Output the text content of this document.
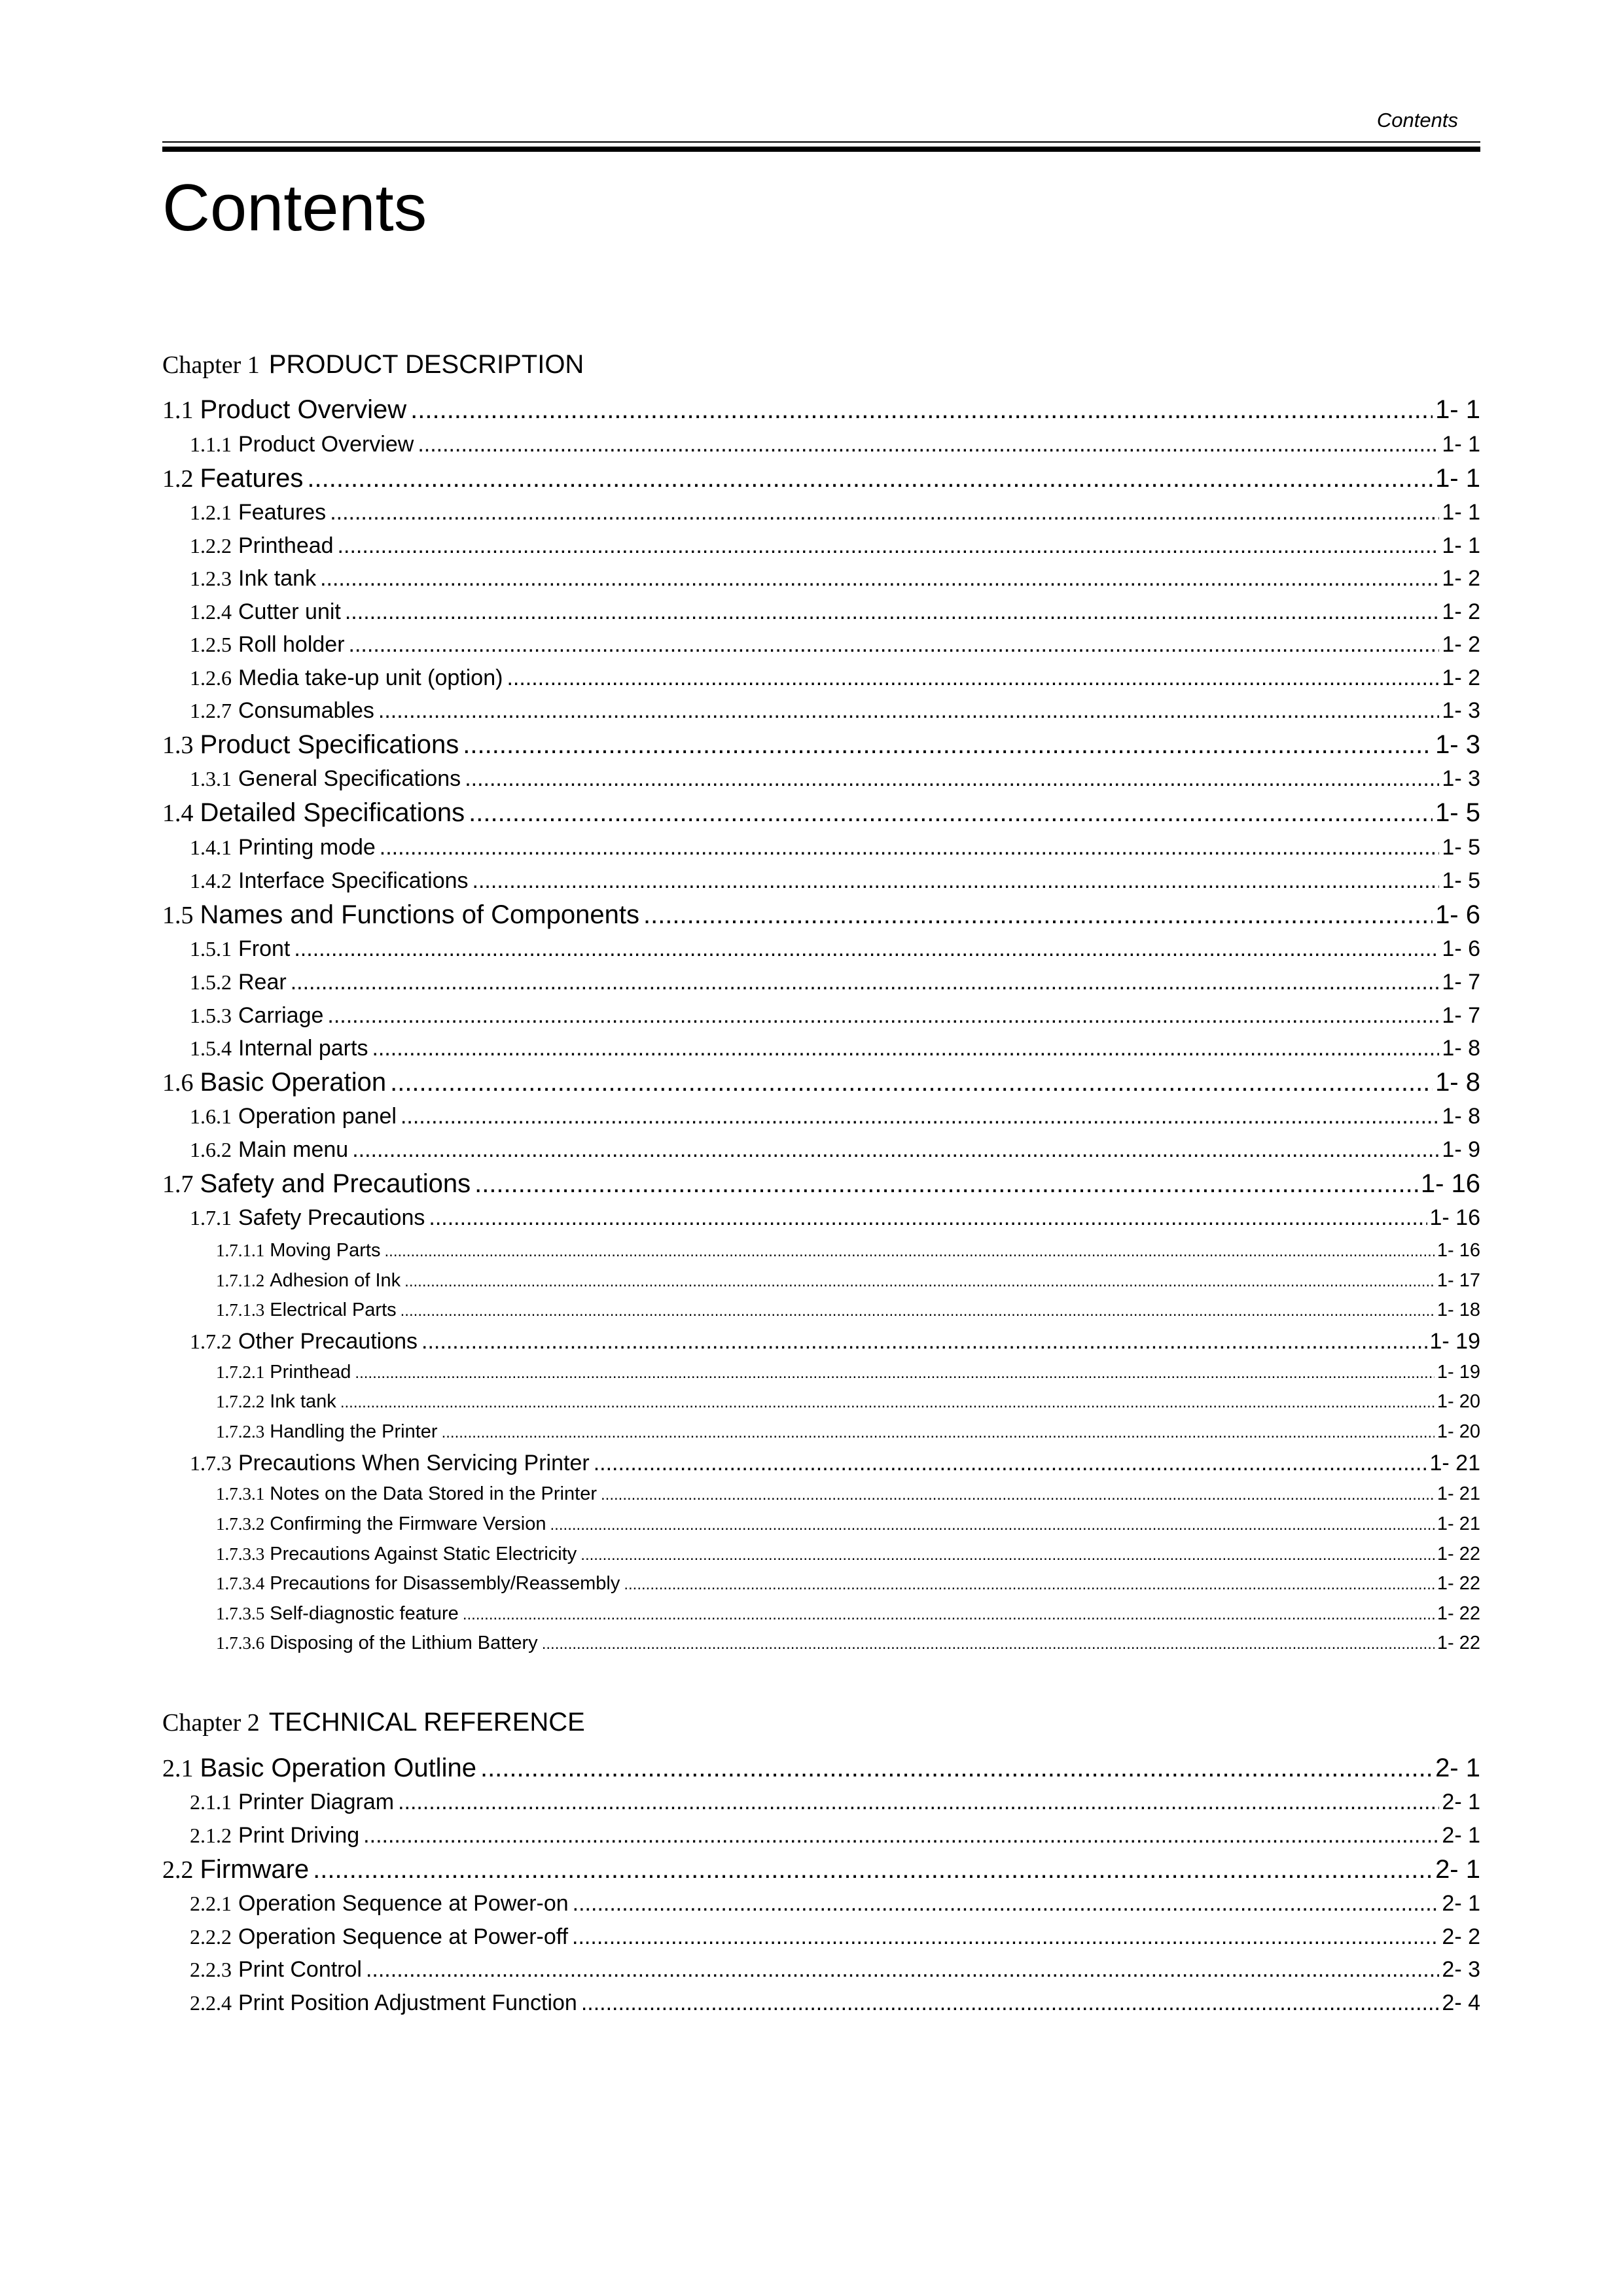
Contents
Contents
Chapter 1 PRODUCT DESCRIPTION
1.1 Product Overview .....	1- 1
1.1.1 Product Overview .....	1- 1
1.2 Features .....	1- 1
1.2.1 Features .....	1- 1
1.2.2 Printhead .....	1- 1
1.2.3 Ink tank .....	1- 2
1.2.4 Cutter unit .....	1- 2
1.2.5 Roll holder .....	1- 2
1.2.6 Media take-up unit (option) .....	1- 2
1.2.7 Consumables .....	1- 3
1.3 Product Specifications .....	1- 3
1.3.1 General Specifications .....	1- 3
1.4 Detailed Specifications .....	1- 5
1.4.1 Printing mode .....	1- 5
1.4.2 Interface Specifications .....	1- 5
1.5 Names and Functions of Components .....	1- 6
1.5.1 Front .....	1- 6
1.5.2 Rear .....	1- 7
1.5.3 Carriage .....	1- 7
1.5.4 Internal parts .....	1- 8
1.6 Basic Operation .....	1- 8
1.6.1 Operation panel .....	1- 8
1.6.2 Main menu .....	1- 9
1.7 Safety and Precautions .....	1- 16
1.7.1 Safety Precautions .....	1- 16
1.7.1.1 Moving Parts .....	1- 16
1.7.1.2 Adhesion of Ink .....	1- 17
1.7.1.3 Electrical Parts .....	1- 18
1.7.2 Other Precautions .....	1- 19
1.7.2.1 Printhead .....	1- 19
1.7.2.2 Ink tank .....	1- 20
1.7.2.3 Handling the Printer .....	1- 20
1.7.3 Precautions When Servicing Printer .....	1- 21
1.7.3.1 Notes on the Data Stored in the Printer .....	1- 21
1.7.3.2 Confirming the Firmware Version .....	1- 21
1.7.3.3 Precautions Against Static Electricity .....	1- 22
1.7.3.4 Precautions for Disassembly/Reassembly .....	1- 22
1.7.3.5 Self-diagnostic feature .....	1- 22
1.7.3.6 Disposing of the Lithium Battery .....	1- 22
Chapter 2 TECHNICAL REFERENCE
2.1 Basic Operation Outline .....	2- 1
2.1.1 Printer Diagram .....	2- 1
2.1.2 Print Driving .....	2- 1
2.2 Firmware .....	2- 1
2.2.1 Operation Sequence at Power-on .....	2- 1
2.2.2 Operation Sequence at Power-off .....	2- 2
2.2.3 Print Control .....	2- 3
2.2.4 Print Position Adjustment Function .....	2- 4
